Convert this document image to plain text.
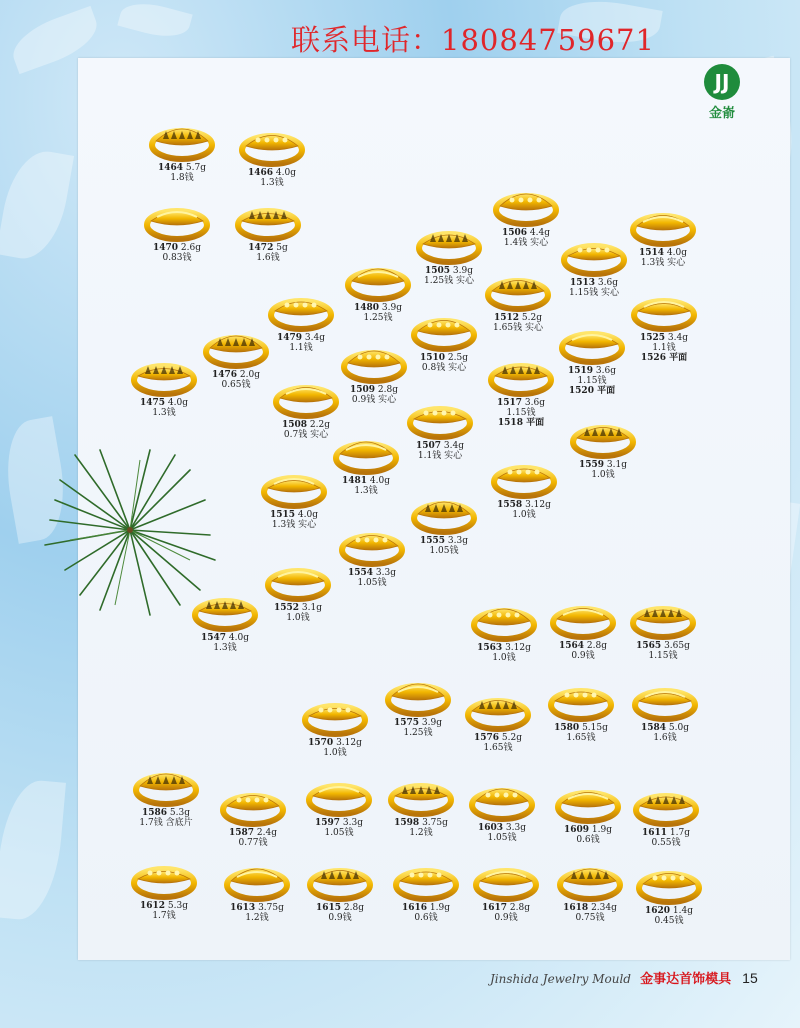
联系电话：18084759671
JJ
金嵛
1464 5.7g
1.8钱	1466 4.0g
1.3钱
1470 2.6g
0.83钱
1472 5g
1.6钱
1506 4.4g
1.4钱 实心
1514 4.0g
1.3钱 实心
1505 3.9g
1.25钱 实心	1513 3.6g
1.15钱 实心
1480 3.9g
1.25钱	1512 5.2g
1.65钱 实心
1479 3.4g
1.1钱
1525 3.4g
1.1钱
1526 平面
1476 2.0g
0.65钱
1510 2.5g
0.8钱 实心	1519 3.6g
1.15钱
1520 平面
1475 4.0g
1.3钱
1509 2.8g
0.9钱 实心
1508 2.2g
0.7钱 实心
1517 3.6g
1.15钱
1518 平面
1507 3.4g
1.1钱 实心
1481 4.0g
1.3钱
1559 3.1g
1.0钱
1558 3.12g
1.0钱
1515 4.0g
1.3钱 实心
1555 3.3g
1.05钱
1554 3.3g
1.05钱
1552 3.1g
1.0钱
1547 4.0g
1.3钱	1563 3.12g
1.0钱
1564 2.8g
0.9钱
1565 3.65g
1.15钱
1570 3.12g
1.0钱
1575 3.9g
1.25钱	1576 5.2g
1.65钱
1580 5.15g
1.65钱
1584 5.0g
1.6钱
1586 5.3g
1.7钱 含底片
1587 2.4g
0.77钱
1597 3.3g
1.05钱
1598 3.75g
1.2钱	1603 3.3g
1.05钱
1609 1.9g
0.6钱
1611 1.7g
0.55钱
1612 5.3g
1.7钱
1613 3.75g
1.2钱
1615 2.8g
0.9钱
1616 1.9g
0.6钱
1617 2.8g
0.9钱
1618 2.34g
0.75钱
1620 1.4g
0.45钱
Jinshida Jewelry Mould 金事达首饰模具 15
